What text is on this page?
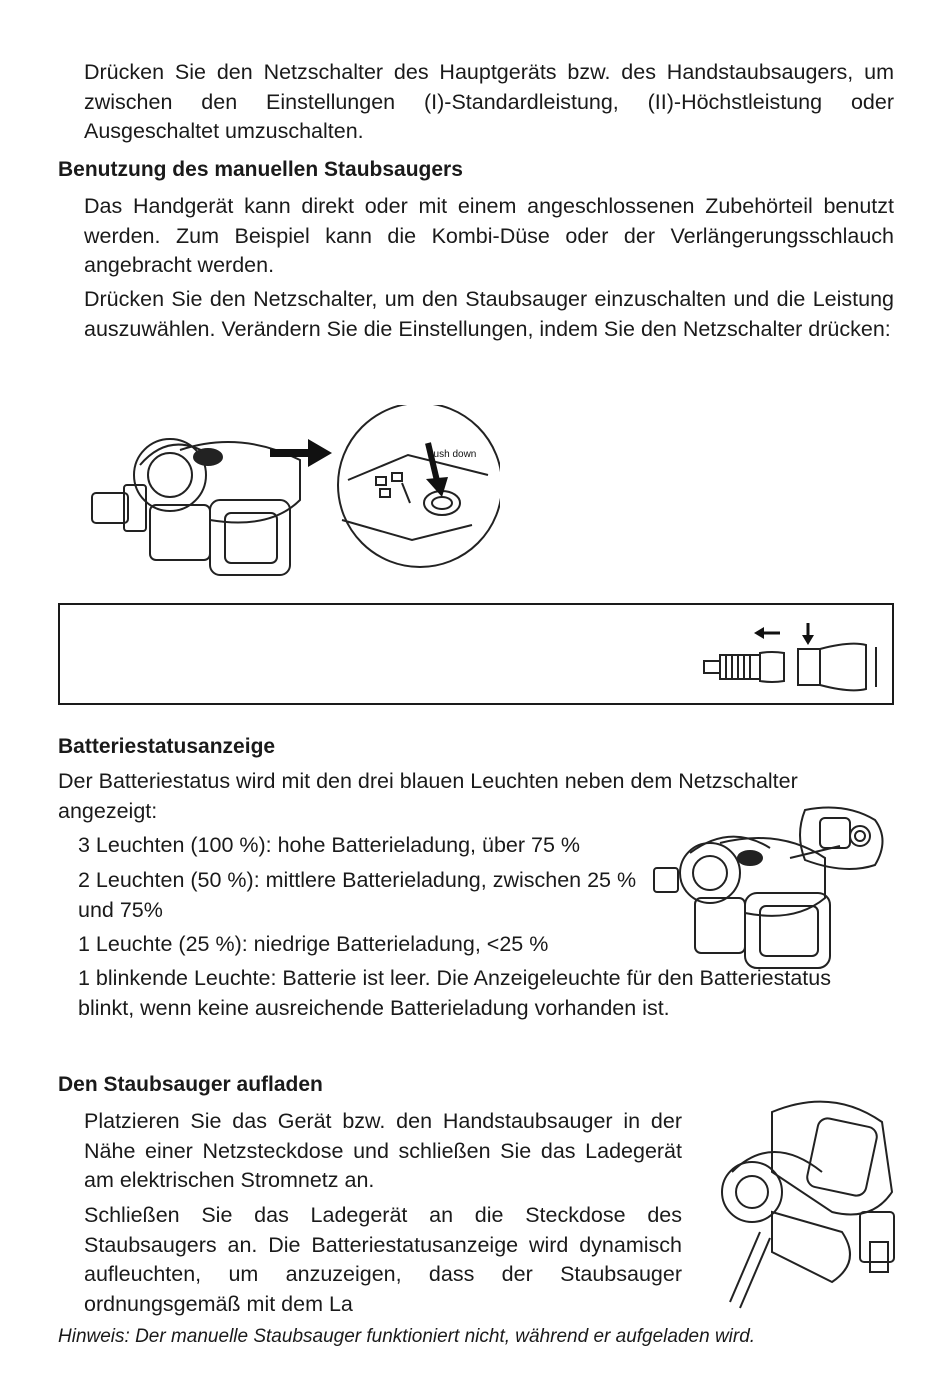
Drücken Sie den Netzschalter des Hauptgeräts bzw. des Handstaubsaugers, um zwischen den Einstellungen (I)-Standardleistung, (II)-Höchstleistung oder Ausgeschaltet umzuschalten.
Benutzung des manuellen Staubsaugers
Das Handgerät kann direkt oder mit einem angeschlossenen Zubehörteil benutzt werden. Zum Beispiel kann die Kombi-Düse oder der Verlängerungsschlauch angebracht werden.
Drücken Sie den Netzschalter, um den Staubsauger einzuschalten und die Leistung auszuwählen. Verändern Sie die Einstellungen, indem Sie den Netzschalter drücken:
push down
Batteriestatusanzeige
Der Batteriestatus wird mit den drei blauen Leuchten neben dem Netzschalter angezeigt:
3 Leuchten (100 %): hohe Batterieladung, über 75 %
2 Leuchten (50 %): mittlere Batterieladung, zwischen 25 % und 75%
1 Leuchte (25 %): niedrige Batterieladung, <25 %
1 blinkende Leuchte: Batterie ist leer. Die Anzeigeleuchte für den Batteriestatus blinkt, wenn keine ausreichende Batterieladung vorhanden ist.
Den Staubsauger aufladen
Platzieren Sie das Gerät bzw. den Handstaubsauger in der Nähe einer Netzsteckdose und schließen Sie das Ladegerät am elektrischen Stromnetz an.
Schließen Sie das Ladegerät an die Steckdose des Staubsaugers an. Die Batteriestatusanzeige wird dynamisch aufleuchten, um anzuzeigen, dass der Staubsauger ordnungsgemäß mit dem La
Hinweis: Der manuelle Staubsauger funktioniert nicht, während er aufgeladen wird.
